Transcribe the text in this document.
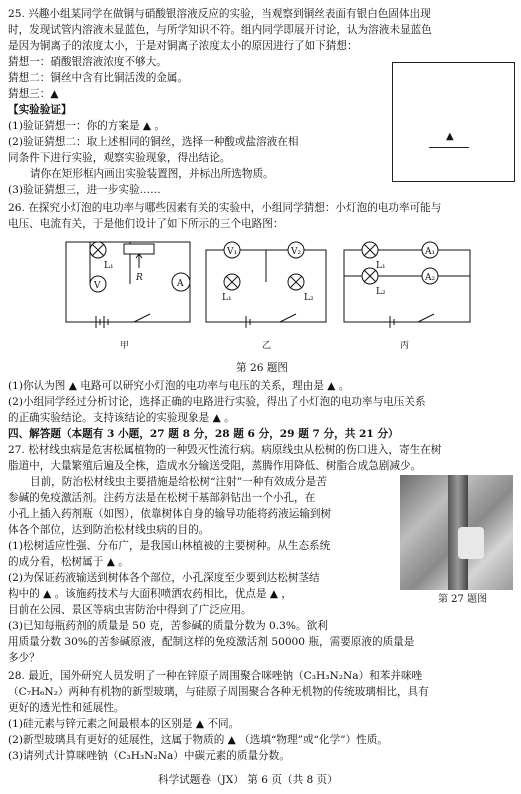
25. 兴趣小组某同学在做铜与硝酸银溶液反应的实验，当观察到铜丝表面有银白色固体出现
时，发现试管内溶液未显蓝色，与所学知识不符。组内同学即展开讨论，认为溶液未显蓝色
是因为铜离子的浓度太小，于是对铜离子浓度太小的原因进行了如下猜想：
猜想一：硝酸银溶液浓度不够大。
猜想二：铜丝中含有比铜活泼的金属。
猜想三：▲
【实验验证】
(1)验证猜想一：你的方案是 ▲ 。
(2)验证猜想二：取上述相同的铜丝，选择一种酸或盐溶液在相
同条件下进行实验，观察实验现象，得出结论。
请你在矩形框内画出实验装置图，并标出所选物质。
(3)验证猜想三，进一步实验……
▲
26. 在探究小灯泡的电功率与哪些因素有关的实验中，小组同学猜想：小灯泡的电功率可能与
电压、电流有关，于是他们设计了如下所示的三个电路图：
L₁
R
V	A
V₁	V₂
L₁	L₂
L₁
L₂
A₁
A₂
甲	乙	丙
第 26 题图
(1)你认为图 ▲ 电路可以研究小灯泡的电功率与电压的关系，理由是 ▲ 。
(2)小组同学经过分析讨论，选择正确的电路进行实验，得出了小灯泡的电功率与电压关系
的正确实验结论。支持该结论的实验现象是 ▲ 。
四、解答题（本题有 3 小题，27 题 8 分，28 题 6 分，29 题 7 分，共 21 分）
27. 松材线虫病是危害松属植物的一种毁灭性流行病。病原线虫从松树的伤口进入，寄生在树
脂道中，大量繁殖后遍及全株，造成水分输送受阻，蒸腾作用降低、树脂合成急剧减少。
目前，防治松材线虫主要措施是给松树“注射”一种有效成分是苦
参碱的免疫激活剂。注药方法是在松树干基部斜钻出一个小孔，在
小孔上插入药剂瓶（如图），依靠树体自身的输导功能将药液运输到树
体各个部位，达到防治松材线虫病的目的。
(1)松树适应性强、分布广，是我国山林植被的主要树种。从生态系统
的成分看，松树属于 ▲ 。
(2)为保证药液输送到树体各个部位，小孔深度至少要到达松树茎结
构中的 ▲ 。该施药技术与大面积喷洒农药相比，优点是 ▲ ，
目前在公园、景区等病虫害防治中得到了广泛应用。
(3)已知每瓶药剂的质量是 50 克，苦参碱的质量分数为 0.3%。欲利
用质量分数 30%的苦参碱原液，配制这样的免疫激活剂 50000 瓶，需要原液的质量是
多少？
第 27 题图
28. 最近，国外研究人员发明了一种在锌原子周围聚合咪唑钠（C₃H₃N₂Na）和苯并咪唑
（C₇H₆N₂）两种有机物的新型玻璃，与硅原子周围聚合各种无机物的传统玻璃相比，具有
更好的透光性和延展性。
(1)硅元素与锌元素之间最根本的区别是 ▲ 不同。
(2)新型玻璃具有更好的延展性，这属于物质的 ▲ （选填“物理”或“化学”）性质。
(3)请列式计算咪唑钠（C₃H₃N₂Na）中碳元素的质量分数。
科学试题卷（JX） 第 6 页（共 8 页）
